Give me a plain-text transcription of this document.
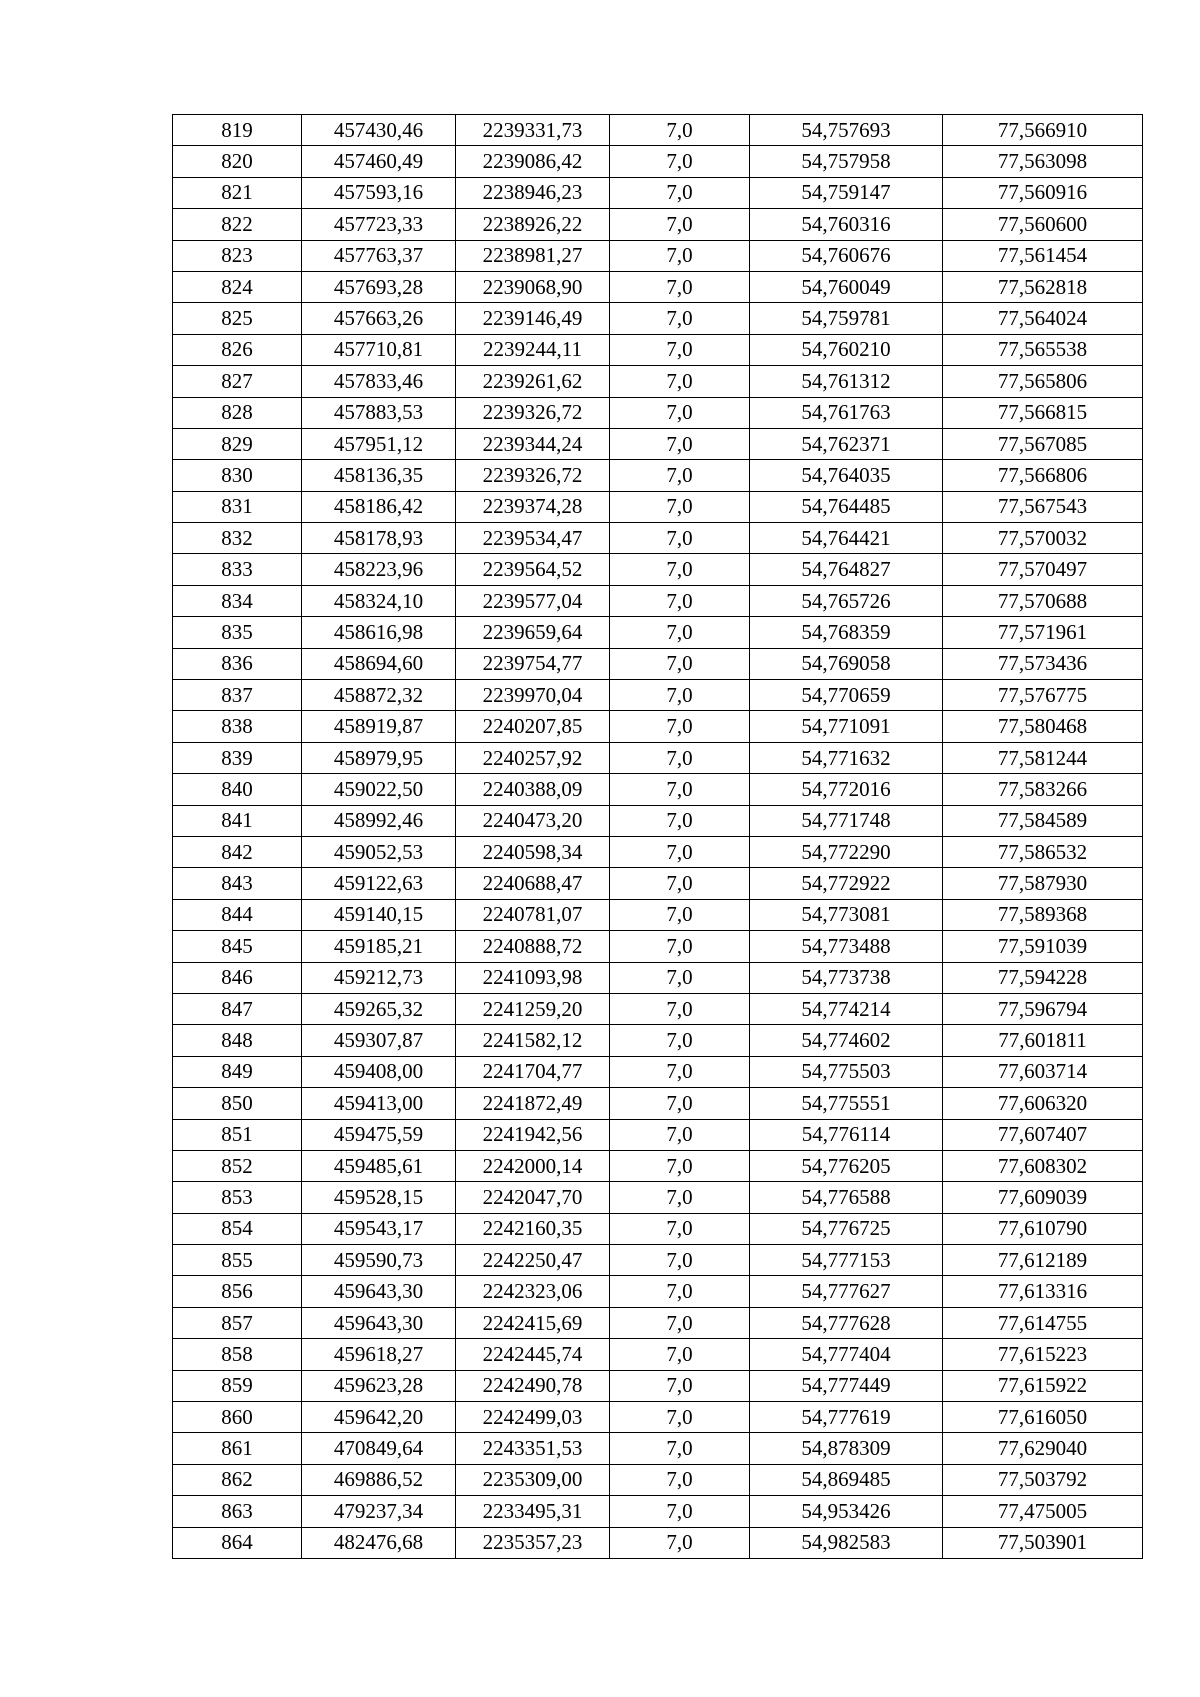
819	457430,46	2239331,73	7,0	54,757693	77,566910
820	457460,49	2239086,42	7,0	54,757958	77,563098
821	457593,16	2238946,23	7,0	54,759147	77,560916
822	457723,33	2238926,22	7,0	54,760316	77,560600
823	457763,37	2238981,27	7,0	54,760676	77,561454
824	457693,28	2239068,90	7,0	54,760049	77,562818
825	457663,26	2239146,49	7,0	54,759781	77,564024
826	457710,81	2239244,11	7,0	54,760210	77,565538
827	457833,46	2239261,62	7,0	54,761312	77,565806
828	457883,53	2239326,72	7,0	54,761763	77,566815
829	457951,12	2239344,24	7,0	54,762371	77,567085
830	458136,35	2239326,72	7,0	54,764035	77,566806
831	458186,42	2239374,28	7,0	54,764485	77,567543
832	458178,93	2239534,47	7,0	54,764421	77,570032
833	458223,96	2239564,52	7,0	54,764827	77,570497
834	458324,10	2239577,04	7,0	54,765726	77,570688
835	458616,98	2239659,64	7,0	54,768359	77,571961
836	458694,60	2239754,77	7,0	54,769058	77,573436
837	458872,32	2239970,04	7,0	54,770659	77,576775
838	458919,87	2240207,85	7,0	54,771091	77,580468
839	458979,95	2240257,92	7,0	54,771632	77,581244
840	459022,50	2240388,09	7,0	54,772016	77,583266
841	458992,46	2240473,20	7,0	54,771748	77,584589
842	459052,53	2240598,34	7,0	54,772290	77,586532
843	459122,63	2240688,47	7,0	54,772922	77,587930
844	459140,15	2240781,07	7,0	54,773081	77,589368
845	459185,21	2240888,72	7,0	54,773488	77,591039
846	459212,73	2241093,98	7,0	54,773738	77,594228
847	459265,32	2241259,20	7,0	54,774214	77,596794
848	459307,87	2241582,12	7,0	54,774602	77,601811
849	459408,00	2241704,77	7,0	54,775503	77,603714
850	459413,00	2241872,49	7,0	54,775551	77,606320
851	459475,59	2241942,56	7,0	54,776114	77,607407
852	459485,61	2242000,14	7,0	54,776205	77,608302
853	459528,15	2242047,70	7,0	54,776588	77,609039
854	459543,17	2242160,35	7,0	54,776725	77,610790
855	459590,73	2242250,47	7,0	54,777153	77,612189
856	459643,30	2242323,06	7,0	54,777627	77,613316
857	459643,30	2242415,69	7,0	54,777628	77,614755
858	459618,27	2242445,74	7,0	54,777404	77,615223
859	459623,28	2242490,78	7,0	54,777449	77,615922
860	459642,20	2242499,03	7,0	54,777619	77,616050
861	470849,64	2243351,53	7,0	54,878309	77,629040
862	469886,52	2235309,00	7,0	54,869485	77,503792
863	479237,34	2233495,31	7,0	54,953426	77,475005
864	482476,68	2235357,23	7,0	54,982583	77,503901
